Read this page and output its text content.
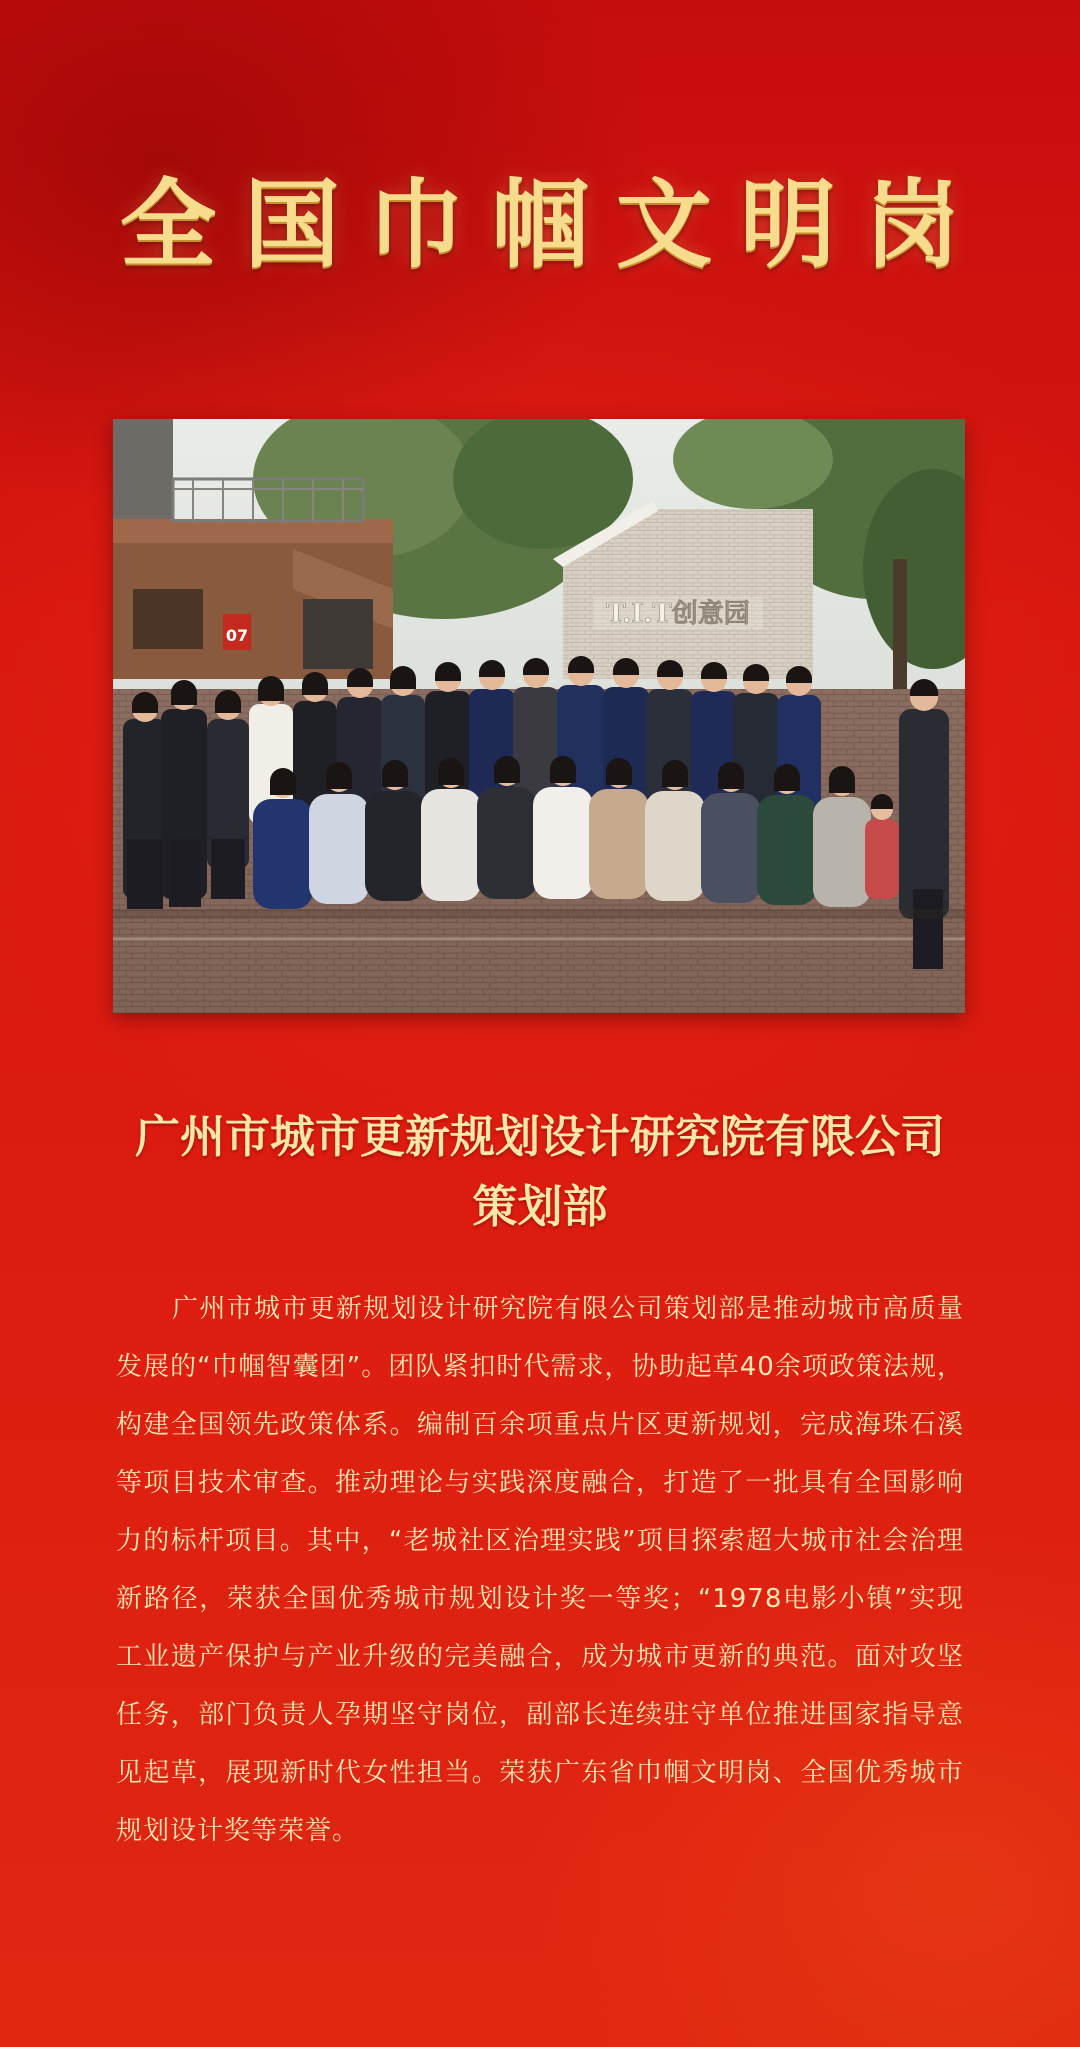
全国巾帼文明岗
T.I.T创意园
07
广州市城市更新规划设计研究院有限公司
策划部

广州市城市更新规划设计研究院有限公司策划部是推动城市高质量发展的“巾帼智囊团”。团队紧扣时代需求，协助起草40余项政策法规，构建全国领先政策体系。编制百余项重点片区更新规划，完成海珠石溪等项目技术审查。推动理论与实践深度融合，打造了一批具有全国影响力的标杆项目。其中，“老城社区治理实践”项目探索超大城市社会治理新路径，荣获全国优秀城市规划设计奖一等奖；“1978电影小镇”实现工业遗产保护与产业升级的完美融合，成为城市更新的典范。面对攻坚任务，部门负责人孕期坚守岗位，副部长连续驻守单位推进国家指导意见起草，展现新时代女性担当。荣获广东省巾帼文明岗、全国优秀城市规划设计奖等荣誉。
